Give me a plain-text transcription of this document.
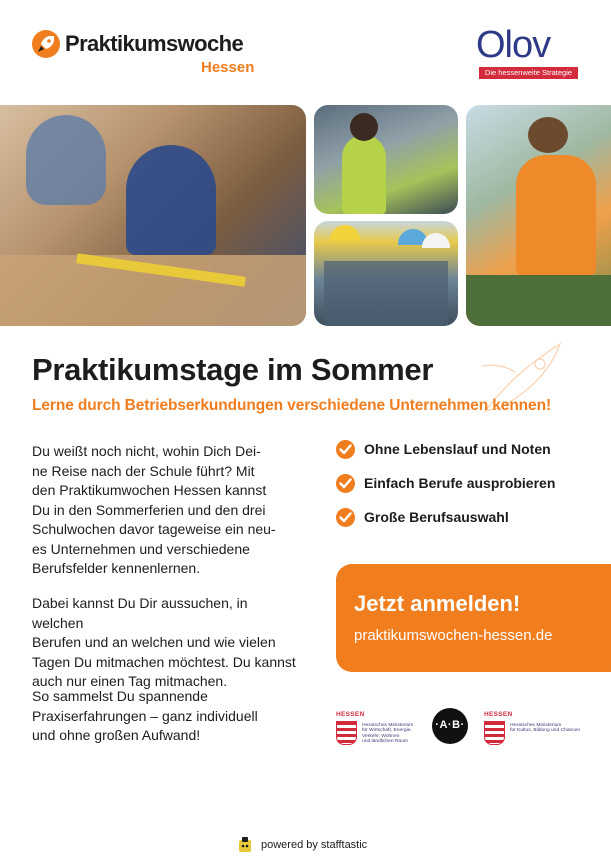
Praktikumswoche
Hessen
Olov
Die hessenweite Strategie
Praktikumstage im Sommer
Lerne durch Betriebserkundungen verschiedene Unternehmen kennen!

Du weißt noch nicht, wohin Dich Dei-
ne Reise nach der Schule führt? Mit
den Praktikumwochen Hessen kannst
Du in den Sommerferien und den drei
Schulwochen davor tageweise ein neu-
es Unternehmen und verschiedene
Berufsfelder kennenlernen.

Dabei kannst Du Dir aussuchen, in welchen
Berufen und an welchen und wie vielen
Tagen Du mitmachen möchtest. Du kannst
auch nur einen Tag mitmachen.

So sammelst Du spannende
Praxiserfahrungen – ganz individuell
und ohne großen Aufwand!

Ohne Lebenslauf und Noten
Einfach Berufe ausprobieren
Große Berufsauswahl
Jetzt anmelden!
praktikumswochen-hessen.de
HESSEN
Hessisches Ministerium
für Wirtschaft, Energie,
Verkehr, Wohnen
und ländlichen Raum
·A·B·
HESSEN
Hessisches Ministerium
für Kultus, Bildung und Chancen
powered by stafftastic
